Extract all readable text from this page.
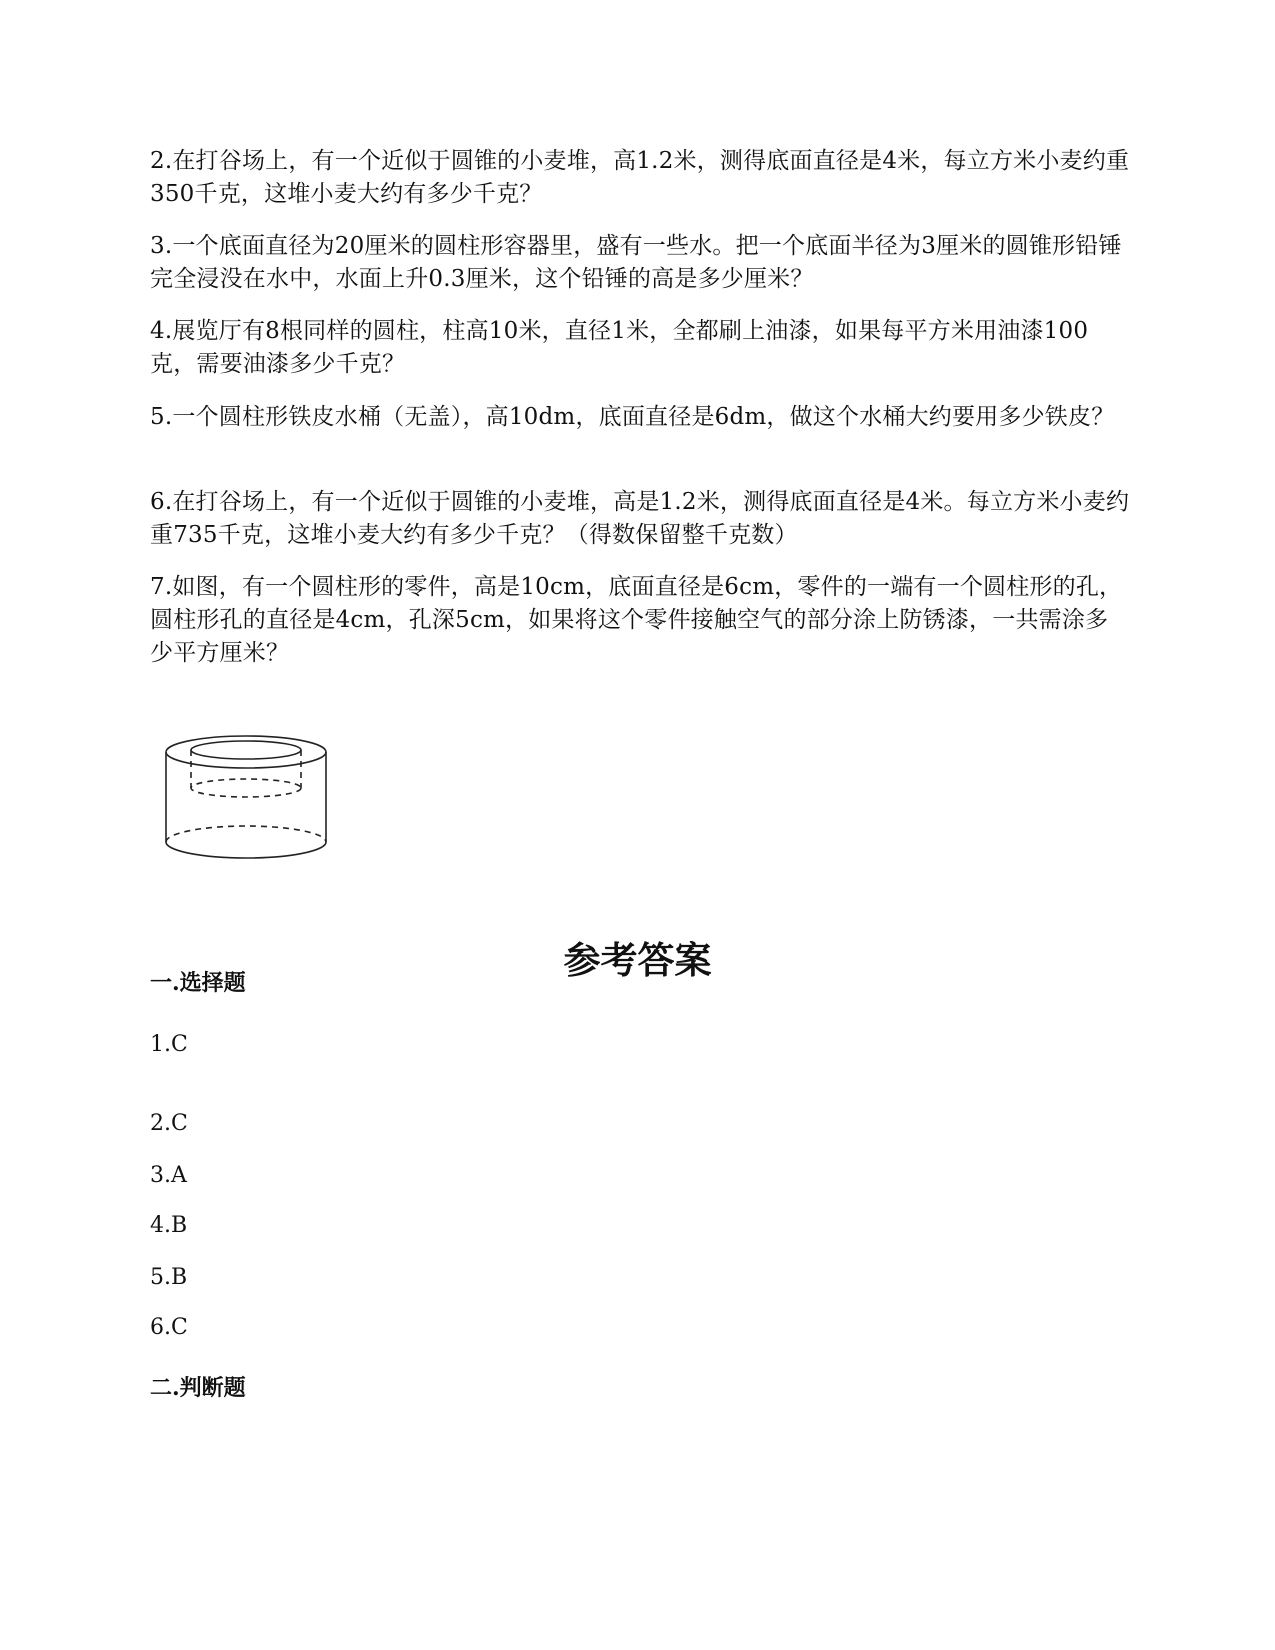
2.在打谷场上，有一个近似于圆锥的小麦堆，高1.2米，测得底面直径是4米，每立方米小麦约重350千克，这堆小麦大约有多少千克？

3.一个底面直径为20厘米的圆柱形容器里，盛有一些水。把一个底面半径为3厘米的圆锥形铅锤完全浸没在水中，水面上升0.3厘米，这个铅锤的高是多少厘米？

4.展览厅有8根同样的圆柱，柱高10米，直径1米，全都刷上油漆，如果每平方米用油漆100克，需要油漆多少千克？

5.一个圆柱形铁皮水桶（无盖），高10dm，底面直径是6dm，做这个水桶大约要用多少铁皮？

6.在打谷场上，有一个近似于圆锥的小麦堆，高是1.2米，测得底面直径是4米。每立方米小麦约重735千克，这堆小麦大约有多少千克？（得数保留整千克数）

7.如图，有一个圆柱形的零件，高是10cm，底面直径是6cm，零件的一端有一个圆柱形的孔，圆柱形孔的直径是4cm，孔深5cm，如果将这个零件接触空气的部分涂上防锈漆，一共需涂多少平方厘米？

参考答案

一.选择题

1.C

2.C

3.A

4.B

5.B

6.C

二.判断题
